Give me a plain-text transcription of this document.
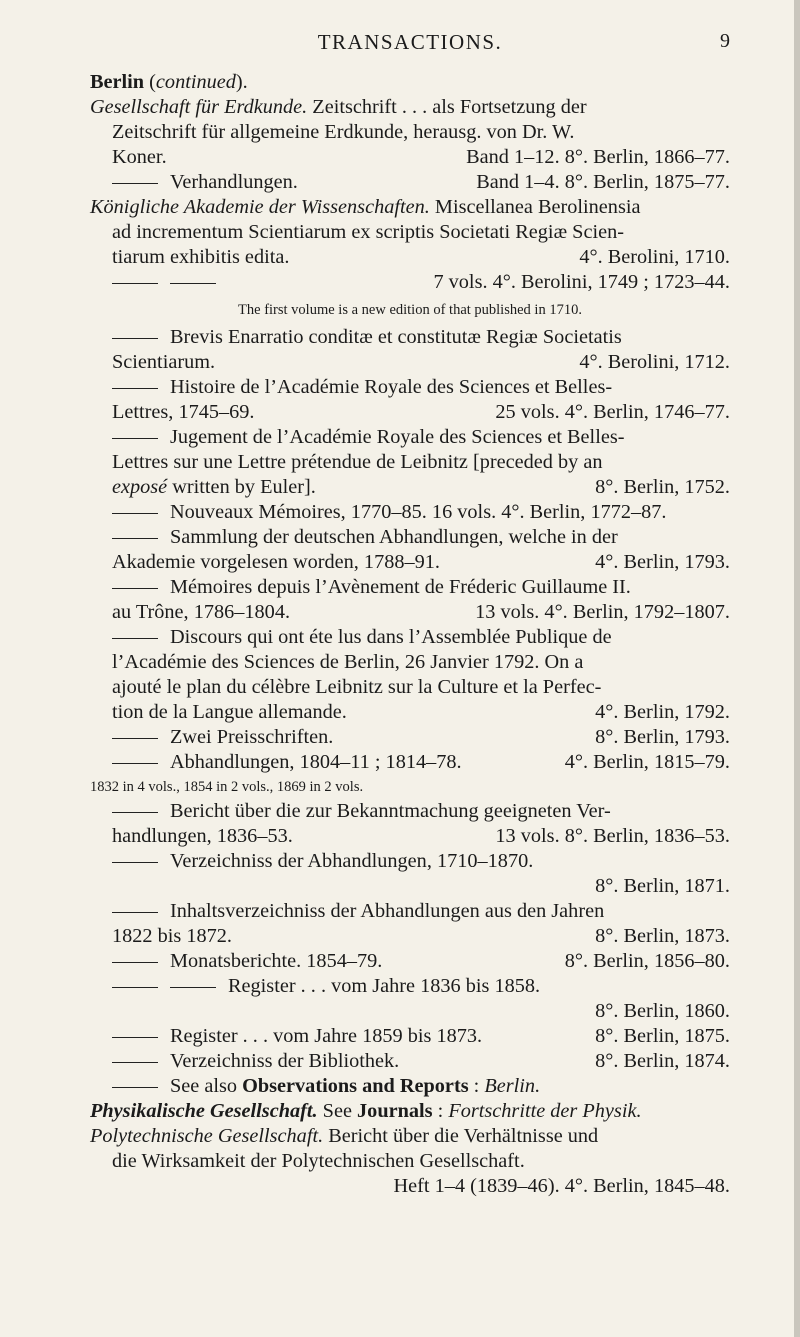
TRANSACTIONS.	9
Berlin (continued).
Gesellschaft für Erdkunde. Zeitschrift . . . als Fortsetzung der
Zeitschrift für allgemeine Erdkunde, herausg. von Dr. W.
Koner.	Band 1–12. 8°. Berlin, 1866–77.
Verhandlungen.	Band 1–4. 8°. Berlin, 1875–77.
Königliche Akademie der Wissenschaften. Miscellanea Berolinensia
ad incrementum Scientiarum ex scriptis Societati Regiæ Scien-
tiarum exhibitis edita.	4°. Berolini, 1710.
7 vols. 4°. Berolini, 1749 ; 1723–44.
The first volume is a new edition of that published in 1710.
Brevis Enarratio conditæ et constitutæ Regiæ Societatis
Scientiarum.	4°. Berolini, 1712.
Histoire de l’Académie Royale des Sciences et Belles-
Lettres, 1745–69.	25 vols. 4°. Berlin, 1746–77.
Jugement de l’Académie Royale des Sciences et Belles-
Lettres sur une Lettre prétendue de Leibnitz [preceded by an
exposé written by Euler].	8°. Berlin, 1752.
Nouveaux Mémoires, 1770–85. 16 vols. 4°. Berlin, 1772–87.
Sammlung der deutschen Abhandlungen, welche in der
Akademie vorgelesen worden, 1788–91.	4°. Berlin, 1793.
Mémoires depuis l’Avènement de Fréderic Guillaume II.
au Trône, 1786–1804.	13 vols. 4°. Berlin, 1792–1807.
Discours qui ont éte lus dans l’Assemblée Publique de
l’Académie des Sciences de Berlin, 26 Janvier 1792. On a
ajouté le plan du célèbre Leibnitz sur la Culture et la Perfec-
tion de la Langue allemande.	4°. Berlin, 1792.
Zwei Preisschriften.	8°. Berlin, 1793.
Abhandlungen, 1804–11 ; 1814–78.	4°. Berlin, 1815–79.
1832 in 4 vols., 1854 in 2 vols., 1869 in 2 vols.
Bericht über die zur Bekanntmachung geeigneten Ver-
handlungen, 1836–53.	13 vols. 8°. Berlin, 1836–53.
Verzeichniss der Abhandlungen, 1710–1870.
8°. Berlin, 1871.
Inhaltsverzeichniss der Abhandlungen aus den Jahren
1822 bis 1872.	8°. Berlin, 1873.
Monatsberichte. 1854–79.	8°. Berlin, 1856–80.
Register . . . vom Jahre 1836 bis 1858.
8°. Berlin, 1860.
Register . . . vom Jahre 1859 bis 1873.	8°. Berlin, 1875.
Verzeichniss der Bibliothek.	8°. Berlin, 1874.
See also Observations and Reports : Berlin.
Physikalische Gesellschaft. See Journals : Fortschritte der Physik.
Polytechnische Gesellschaft. Bericht über die Verhältnisse und
die Wirksamkeit der Polytechnischen Gesellschaft.
Heft 1–4 (1839–46). 4°. Berlin, 1845–48.
